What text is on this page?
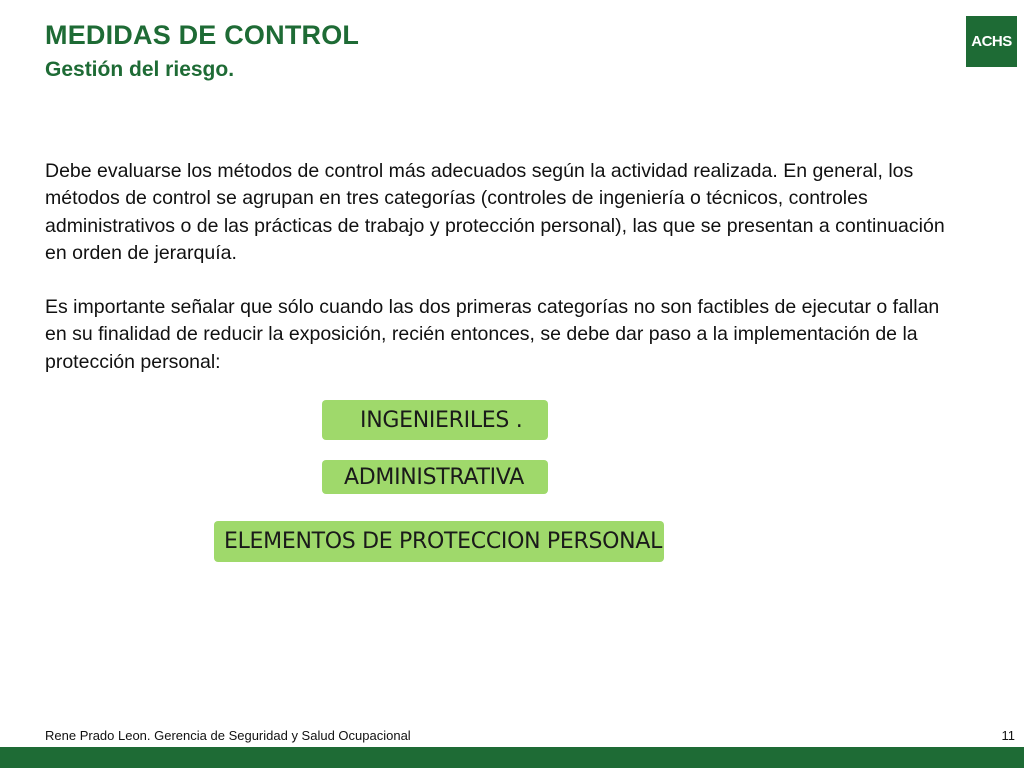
MEDIDAS DE CONTROL
Gestión del riesgo.
ACHS

Debe evaluarse los métodos de control más adecuados según la actividad realizada. En general, los métodos de control se agrupan en tres categorías (controles de ingeniería o técnicos, controles administrativos o de las prácticas de trabajo y protección personal), las que se presentan a continuación en orden de jerarquía.

Es importante señalar que sólo cuando las dos primeras categorías no son factibles de ejecutar o fallan en su finalidad de reducir la exposición, recién entonces, se debe dar paso a la implementación de la protección personal:

INGENIERILES .
ADMINISTRATIVA
ELEMENTOS DE PROTECCION PERSONAL
Rene Prado Leon. Gerencia de Seguridad y Salud Ocupacional	11
